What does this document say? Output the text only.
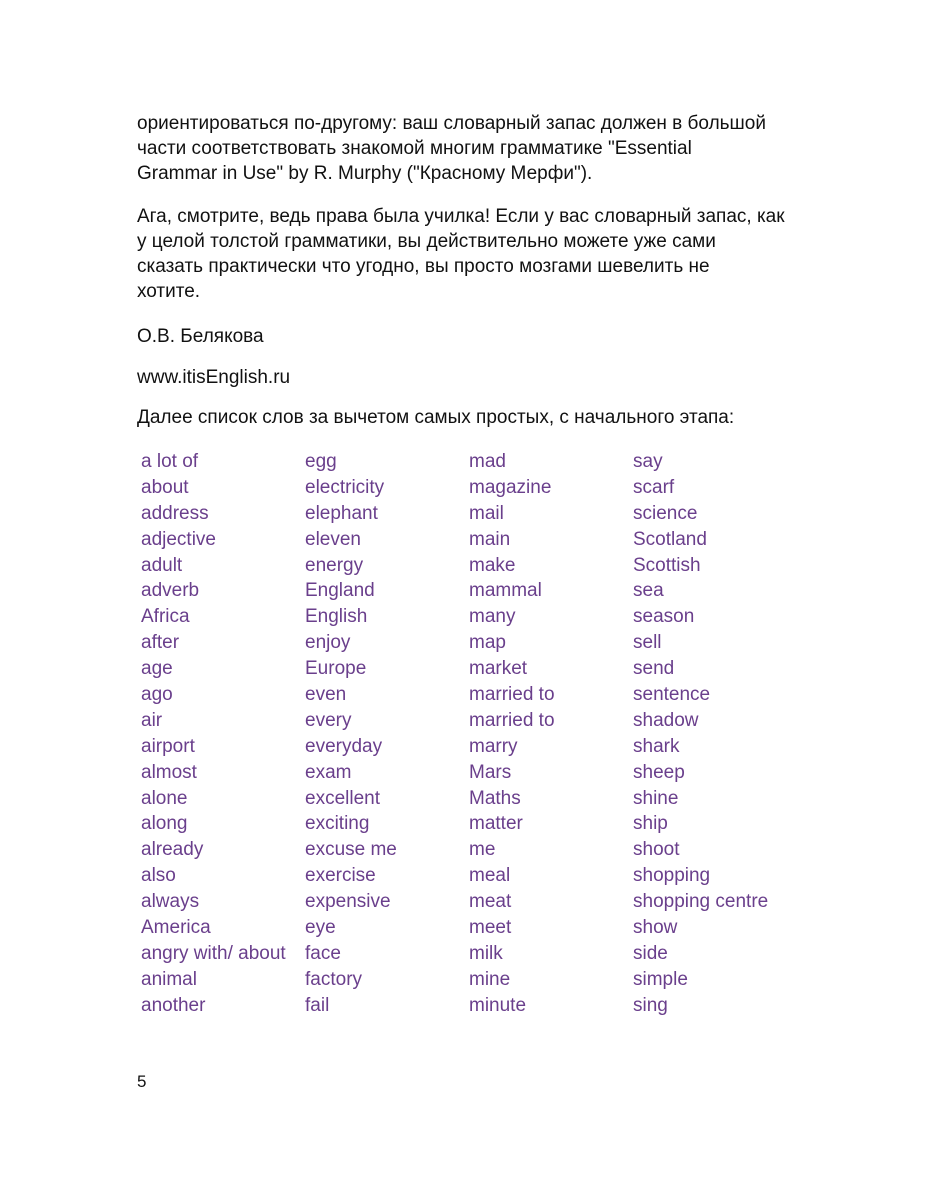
ориентироваться по-другому: ваш словарный запас должен в большой
части соответствовать знакомой многим грамматике "Essential
Grammar in Use" by R. Murphy ("Красному Мерфи").

Ага, смотрите, ведь права была училка! Если у вас словарный запас, как
у целой толстой грамматики, вы действительно можете уже сами
сказать практически что угодно, вы просто мозгами шевелить не
хотите.

О.В. Белякова

www.itisEnglish.ru

Далее список слов за вычетом самых простых, с начального этапа:

a lot of
about
address
adjective
adult
adverb
Africa
after
age
ago
air
airport
almost
alone
along
already
also
always
America
angry with/ about
animal
another
egg
electricity
elephant
eleven
energy
England
English
enjoy
Europe
even
every
everyday
exam
excellent
exciting
excuse me
exercise
expensive
eye
face
factory
fail
mad
magazine
mail
main
make
mammal
many
map
market
married to
married to
marry
Mars
Maths
matter
me
meal
meat
meet
milk
mine
minute
say
scarf
science
Scotland
Scottish
sea
season
sell
send
sentence
shadow
shark
sheep
shine
ship
shoot
shopping
shopping centre
show
side
simple
sing
5
